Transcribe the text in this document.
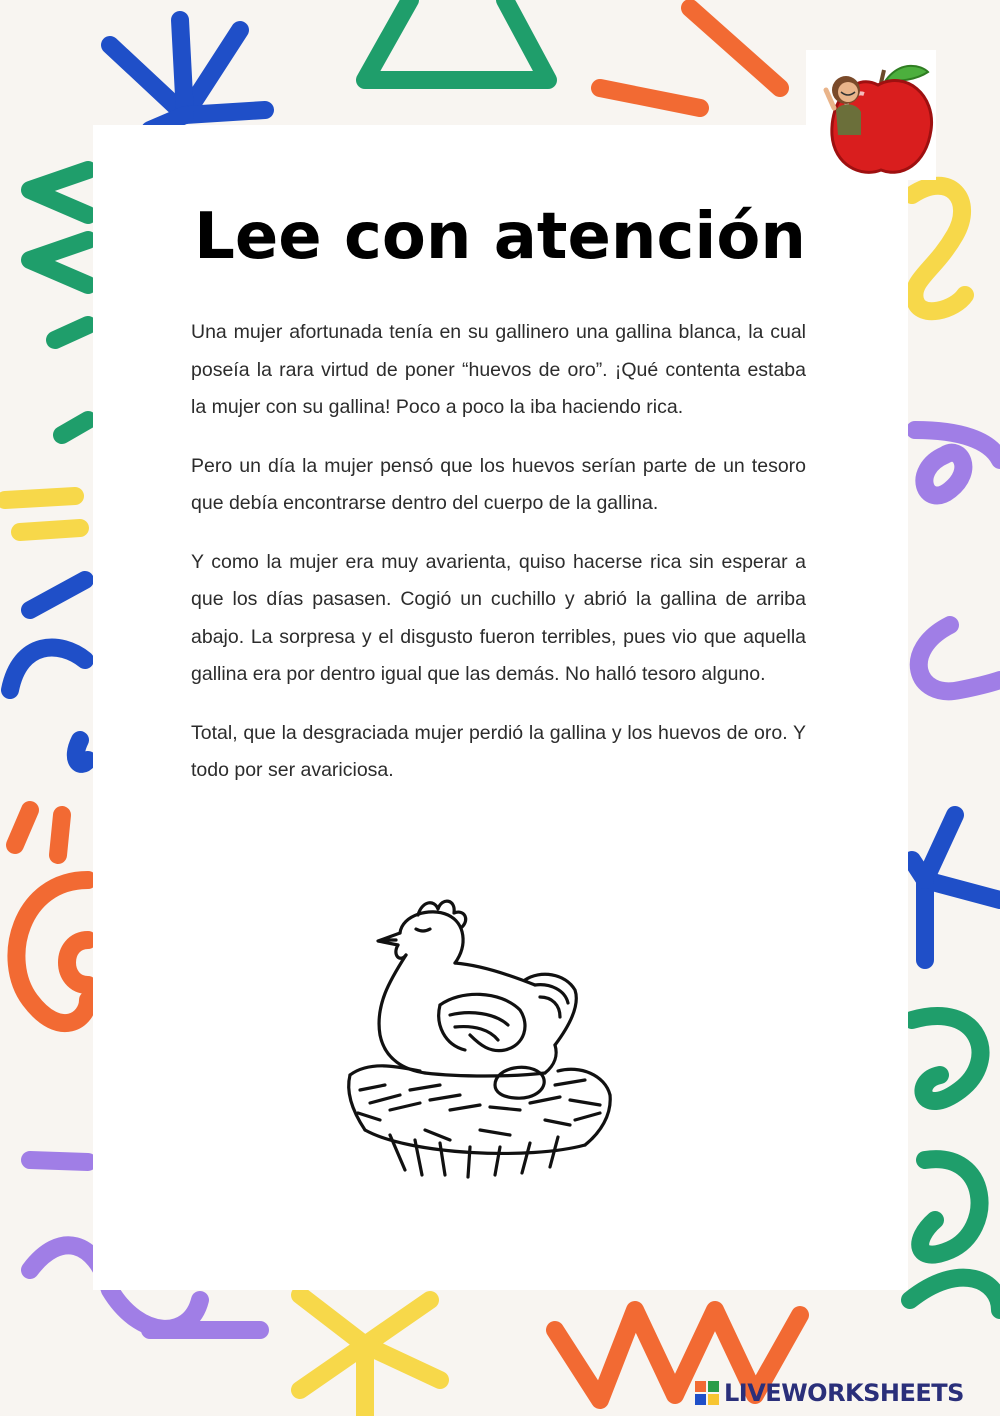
Lee con atención

Una mujer afortunada tenía en su gallinero una gallina blanca, la cual poseía la rara virtud de poner “huevos de oro”. ¡Qué contenta estaba la mujer con su gallina! Poco a poco la iba haciendo rica.

Pero un día la mujer pensó que los huevos serían parte de un tesoro que debía encontrarse dentro del cuerpo de la gallina.

Y como la mujer era muy avarienta, quiso hacerse rica sin esperar a que los días pasasen. Cogió un cuchillo y abrió la gallina de arriba abajo. La sorpresa y el disgusto fueron terribles, pues vio que aquella gallina era por dentro igual que las demás. No halló tesoro alguno.

Total, que la desgraciada mujer perdió la gallina y los huevos de oro. Y todo por ser avariciosa.

LIVEWORKSHEETS
